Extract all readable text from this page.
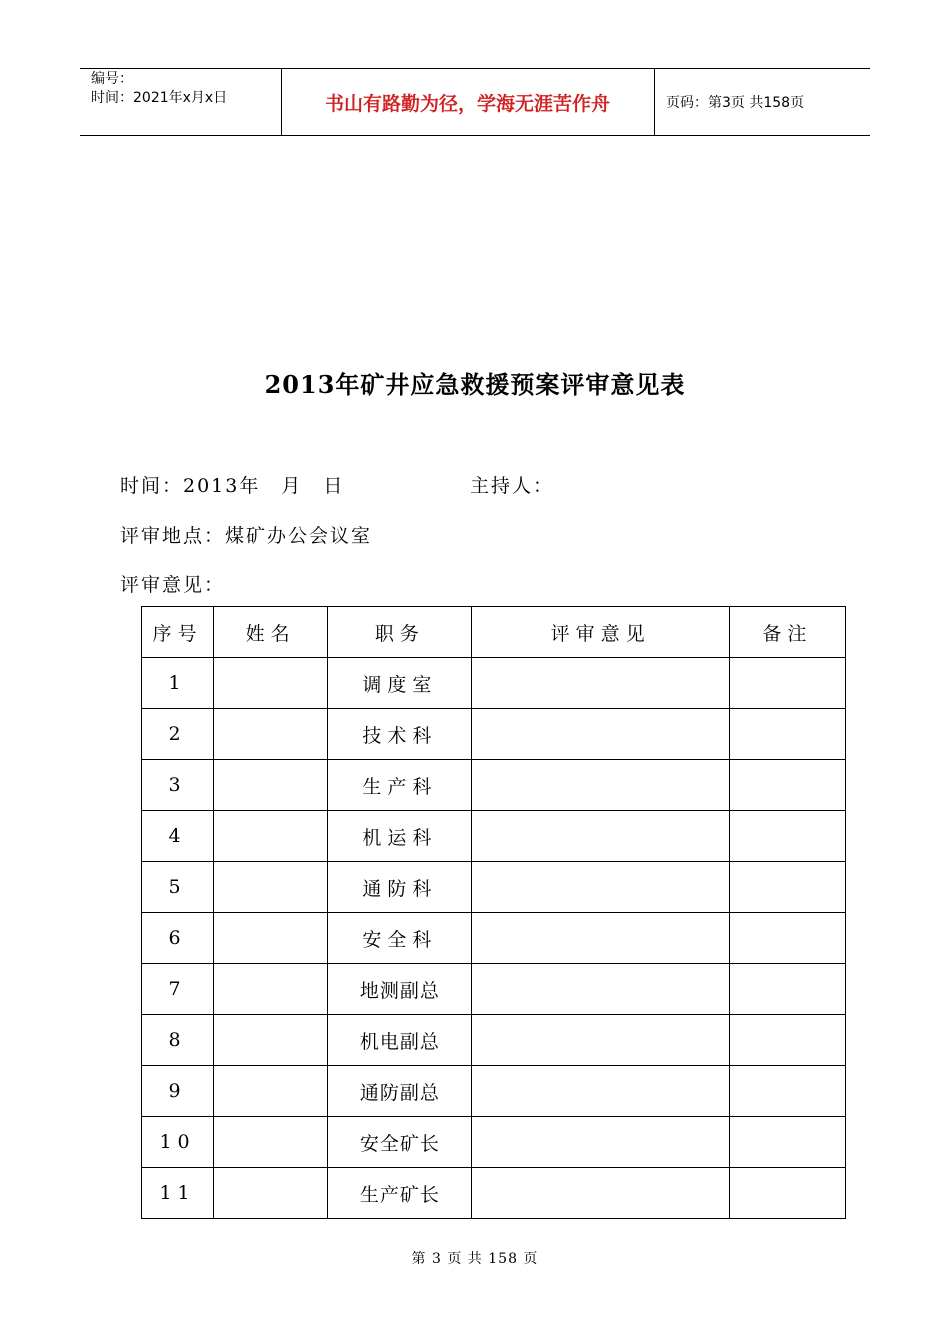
编号：
时间：2021年x月x日	书山有路勤为径，学海无涯苦作舟	页码：第3页 共158页
2013年矿井应急救援预案评审意见表
时间：2013年　月　日	主持人：
评审地点：煤矿办公会议室
评审意见：
序号	姓名	职务	评审意见	备注
1		调度室		
2		技术科		
3		生产科		
4		机运科		
5		通防科		
6		安全科		
7		地测副总		
8		机电副总		
9		通防副总		
10		安全矿长		
11		生产矿长		
第 3 页 共 158 页
